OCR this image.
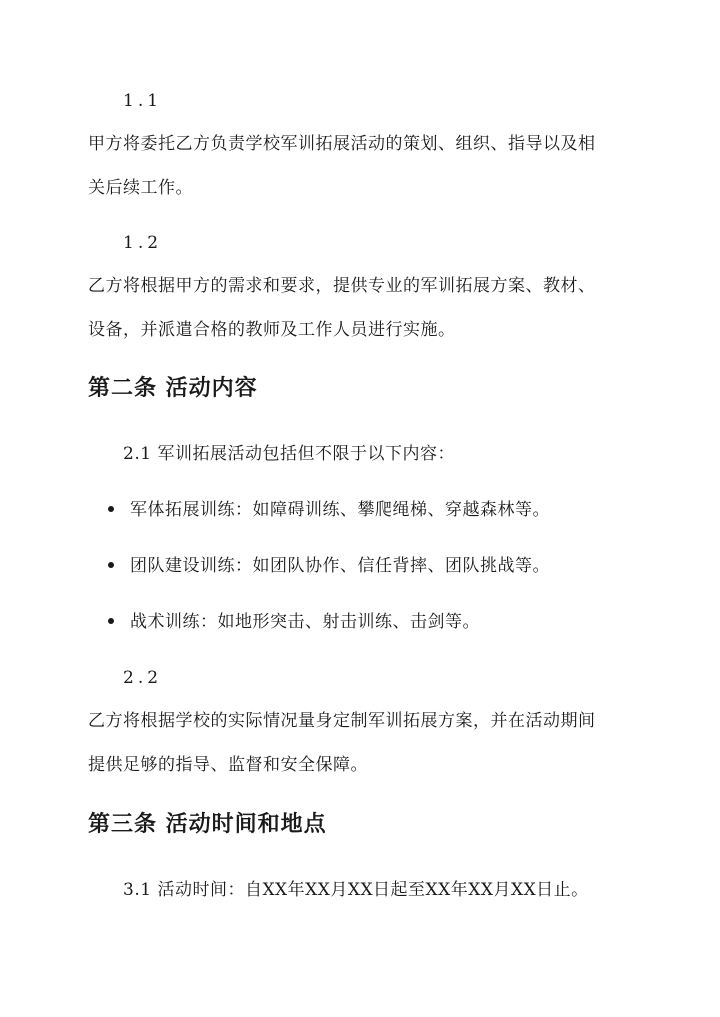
1.1
甲方将委托乙方负责学校军训拓展活动的策划、组织、指导以及相
关后续工作。
1.2
乙方将根据甲方的需求和要求，提供专业的军训拓展方案、教材、
设备，并派遣合格的教师及工作人员进行实施。
第二条 活动内容
2.1 军训拓展活动包括但不限于以下内容：
军体拓展训练：如障碍训练、攀爬绳梯、穿越森林等。
团队建设训练：如团队协作、信任背摔、团队挑战等。
战术训练：如地形突击、射击训练、击剑等。
2.2
乙方将根据学校的实际情况量身定制军训拓展方案，并在活动期间
提供足够的指导、监督和安全保障。
第三条 活动时间和地点
3.1 活动时间：自XX年XX月XX日起至XX年XX月XX日止。
